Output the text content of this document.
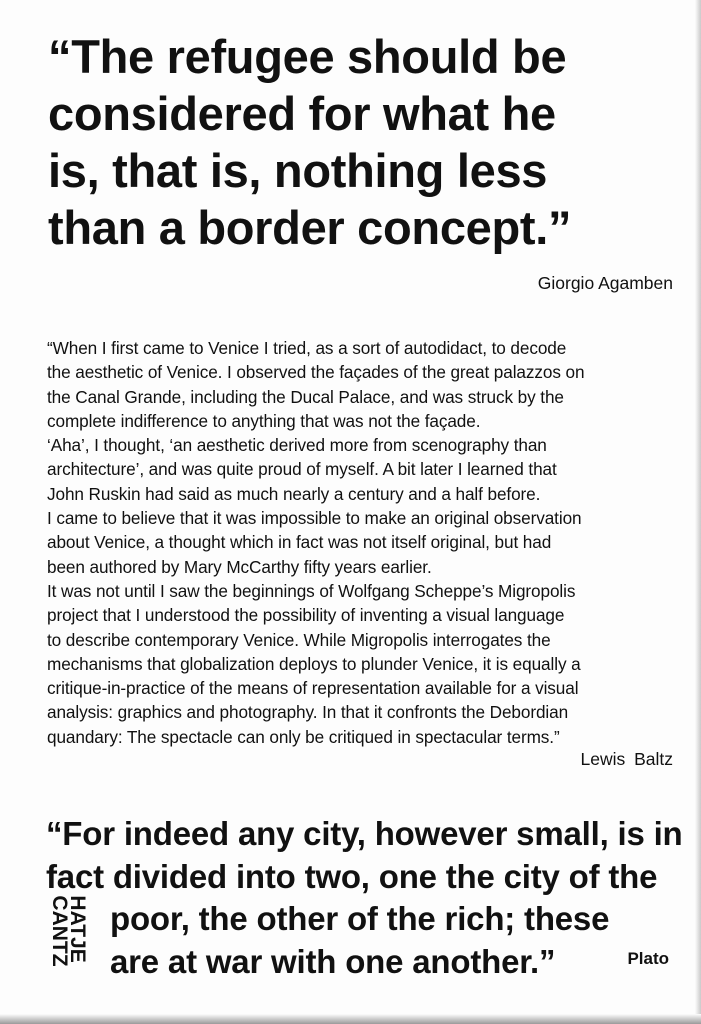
“The refugee should be
considered for what he
is, that is, nothing less
than a border concept.”
Giorgio Agamben
“When I first came to Venice I tried, as a sort of autodidact, to decode
the aesthetic of Venice. I observed the façades of the great palazzos on
the Canal Grande, including the Ducal Palace, and was struck by the
complete indifference to anything that was not the façade.
‘Aha’, I thought, ‘an aesthetic derived more from scenography than
architecture’, and was quite proud of myself. A bit later I learned that
John Ruskin had said as much nearly a century and a half before.
I came to believe that it was impossible to make an original observation
about Venice, a thought which in fact was not itself original, but had
been authored by Mary McCarthy fifty years earlier.
It was not until I saw the beginnings of Wolfgang Scheppe’s Migropolis
project that I understood the possibility of inventing a visual language
to describe contemporary Venice. While Migropolis interrogates the
mechanisms that globalization deploys to plunder Venice, it is equally a
critique-in-practice of the means of representation available for a visual
analysis: graphics and photography. In that it confronts the Debordian
quandary: The spectacle can only be critiqued in spectacular terms.”
Lewis Baltz
“For indeed any city, however small, is in
fact divided into two, one the city of the
poor, the other of the rich; these
are at war with one another.”	Plato
HATJE
CANTZ
